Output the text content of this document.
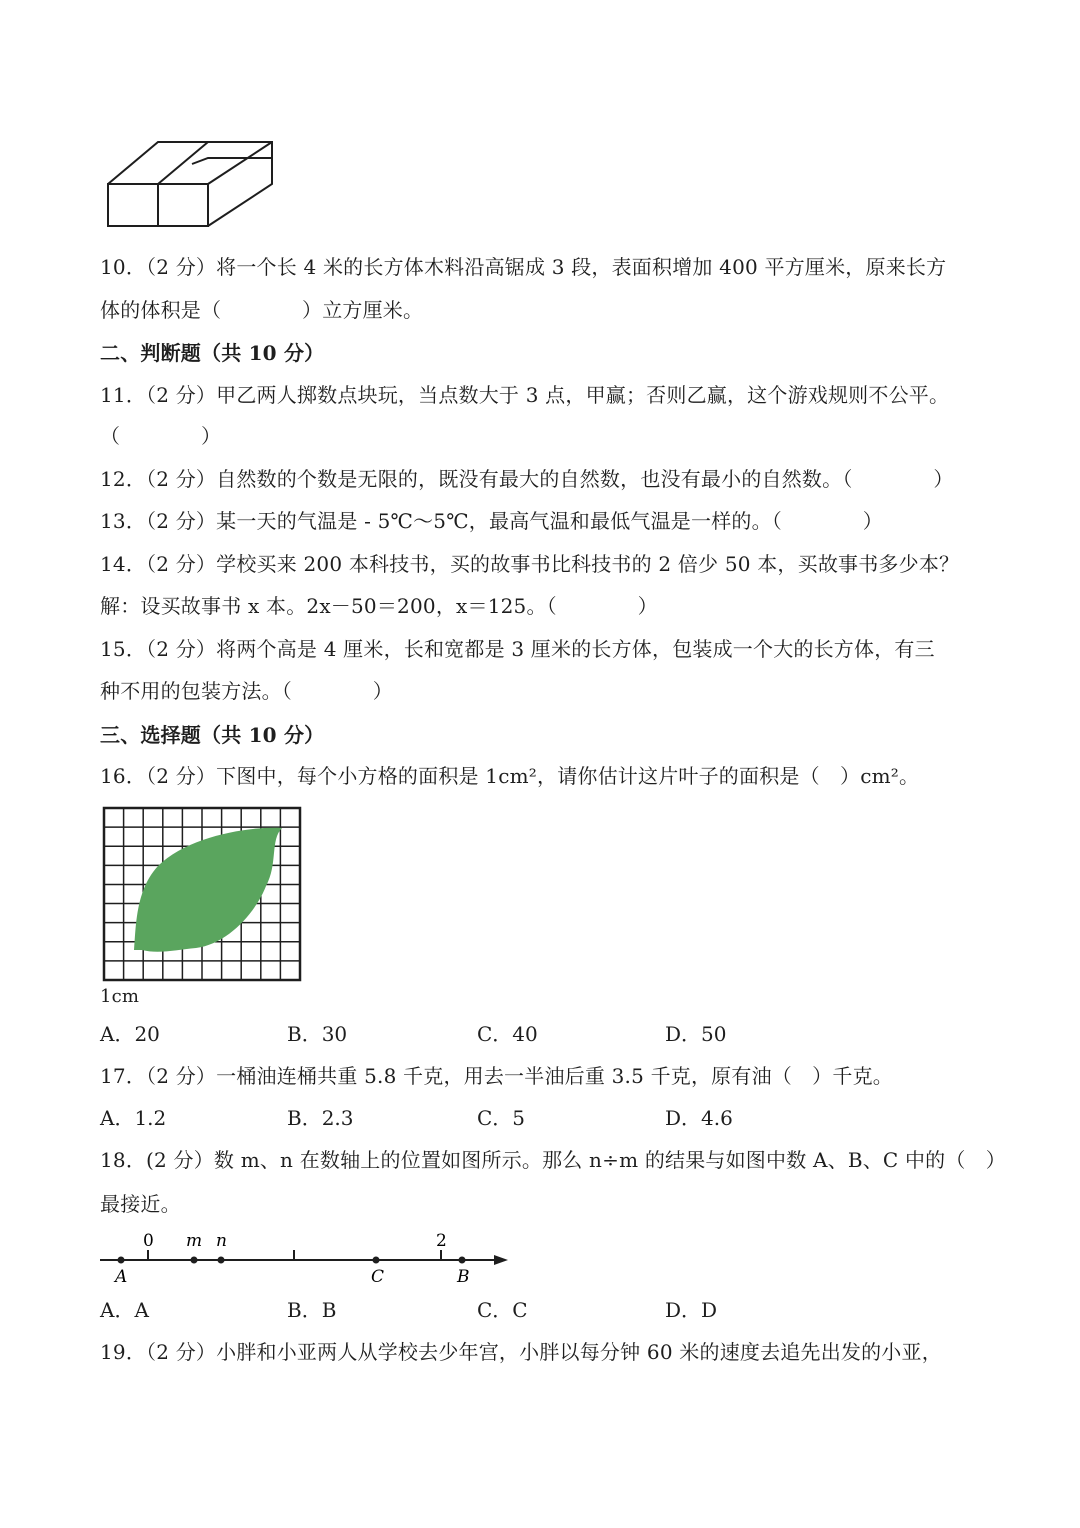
10．（2 分）将一个长 4 米的长方体木料沿高锯成 3 段，表面积增加 400 平方厘米，原来长方
体的体积是（　　　　）立方厘米。
二、判断题（共 10 分）
11．（2 分）甲乙两人掷数点块玩，当点数大于 3 点，甲赢；否则乙赢，这个游戏规则不公平。
（　　　　）
12．（2 分）自然数的个数是无限的，既没有最大的自然数，也没有最小的自然数。（　　　　）
13．（2 分）某一天的气温是 - 5℃～5℃，最高气温和最低气温是一样的。（　　　　）
14．（2 分）学校买来 200 本科技书，买的故事书比科技书的 2 倍少 50 本，买故事书多少本？
解：设买故事书 x 本。2x－50＝200，x＝125。（　　　　）
15．（2 分）将两个高是 4 厘米，长和宽都是 3 厘米的长方体，包装成一个大的长方体，有三
种不用的包装方法。（　　　　）
三、选择题（共 10 分）
16．（2 分）下图中，每个小方格的面积是 1cm²，请你估计这片叶子的面积是（　）cm²。
1cm
A．20	B．30	C．40	D．50
17．（2 分）一桶油连桶共重 5.8 千克，用去一半油后重 3.5 千克，原有油（　）千克。
A．1.2	B．2.3	C．5	D．4.6
18．(2 分）数 m、n 在数轴上的位置如图所示。那么 n÷m 的结果与如图中数 A、B、C 中的（　）
最接近。
0 m n	2
A	C	B
A．A	B．B	C．C	D．D
19．（2 分）小胖和小亚两人从学校去少年宫，小胖以每分钟 60 米的速度去追先出发的小亚，
